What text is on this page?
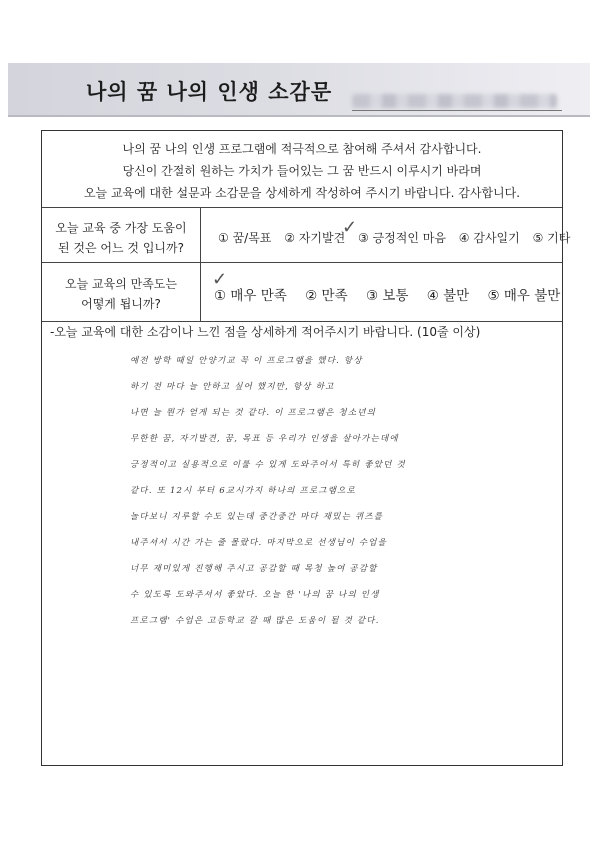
나의 꿈 나의 인생 소감문
나의 꿈 나의 인생 프로그램에 적극적으로 참여해 주셔서 감사합니다.
당신이 간절히 원하는 가치가 들어있는 그 꿈 반드시 이루시기 바라며
오늘 교육에 대한 설문과 소감문을 상세하게 작성하여 주시기 바랍니다. 감사합니다.
오늘 교육 중 가장 도움이
된 것은 어느 것 입니까?
① 꿈/목표 ② 자기발견 ③ 긍정적인 마음 ④ 감사일기 ⑤ 기타
✓
오늘 교육의 만족도는
어떻게 됩니까?	① 매우 만족 ② 만족 ③ 보통 ④ 불만 ⑤ 매우 불만
✓
-오늘 교육에 대한 소감이나 느낀 점을 상세하게 적어주시기 바랍니다. (10줄 이상)
예전 방학 때일 안양기교 꼭 이 프로그램을 했다. 항상
하기 전 마다 늘 안하고 싶어 했지만, 항상 하고
나면 늘 뭔가 얻게 되는 것 같다. 이 프로그램은 청소년의
무한한 꿈, 자기발견, 꿈, 목표 등 우리가 인생을 살아가는데에
긍정적이고 실용적으로 이룰 수 있게 도와주어서 특히 좋았던 것
같다. 또 12시 부터 6교시가지 하나의 프로그램으로
놀다보니 지루할 수도 있는데 중간중간 마다 재밌는 퀴즈를
내주셔서 시간 가는 줄 몰랐다. 마지막으로 선생님이 수업을
너무 재미있게 진행해 주시고 공감할 때 목청 높여 공감할
수 있도록 도와주셔서 좋았다. 오늘 한 '나의 꿈 나의 인생
프로그램' 수업은 고등학교 갈 때 많은 도움이 될 것 같다.
